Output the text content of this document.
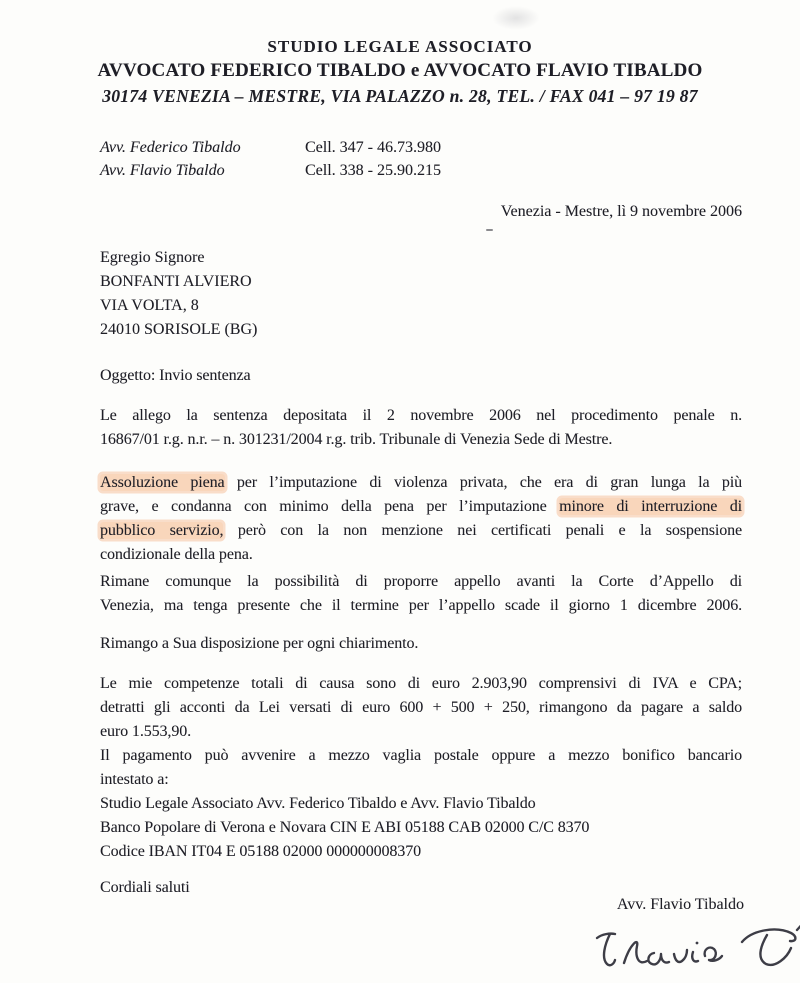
STUDIO LEGALE ASSOCIATO
AVVOCATO FEDERICO TIBALDO e AVVOCATO FLAVIO TIBALDO
30174 VENEZIA – MESTRE, VIA PALAZZO n. 28, TEL. / FAX 041 – 97 19 87
Avv. Federico Tibaldo	Cell. 347 - 46.73.980
Avv. Flavio Tibaldo	Cell. 338 - 25.90.215
Venezia - Mestre, lì 9 novembre 2006
Egregio Signore
BONFANTI ALVIERO
VIA VOLTA, 8
24010 SORISOLE (BG)

Oggetto: Invio sentenza

Le allego la sentenza depositata il 2 novembre 2006 nel procedimento penale n.
16867/01 r.g. n.r. – n. 301231/2004 r.g. trib. Tribunale di Venezia Sede di Mestre.

Assoluzione piena per l’imputazione di violenza privata, che era di gran lunga la più
grave, e condanna con minimo della pena per l’imputazione minore di interruzione di
pubblico servizio, però con la non menzione nei certificati penali e la sospensione
condizionale della pena.

Rimane comunque la possibilità di proporre appello avanti la Corte d’Appello di
Venezia, ma tenga presente che il termine per l’appello scade il giorno 1 dicembre 2006.

Rimango a Sua disposizione per ogni chiarimento.

Le mie competenze totali di causa sono di euro 2.903,90 comprensivi di IVA e CPA;
detratti gli acconti da Lei versati di euro 600 + 500 + 250, rimangono da pagare a saldo
euro 1.553,90.
Il pagamento può avvenire a mezzo vaglia postale oppure a mezzo bonifico bancario
intestato a:
Studio Legale Associato Avv. Federico Tibaldo e Avv. Flavio Tibaldo
Banco Popolare di Verona e Novara CIN E ABI 05188 CAB 02000 C/C 8370
Codice IBAN IT04 E 05188 02000 000000008370

Cordiali saluti

Avv. Flavio Tibaldo
